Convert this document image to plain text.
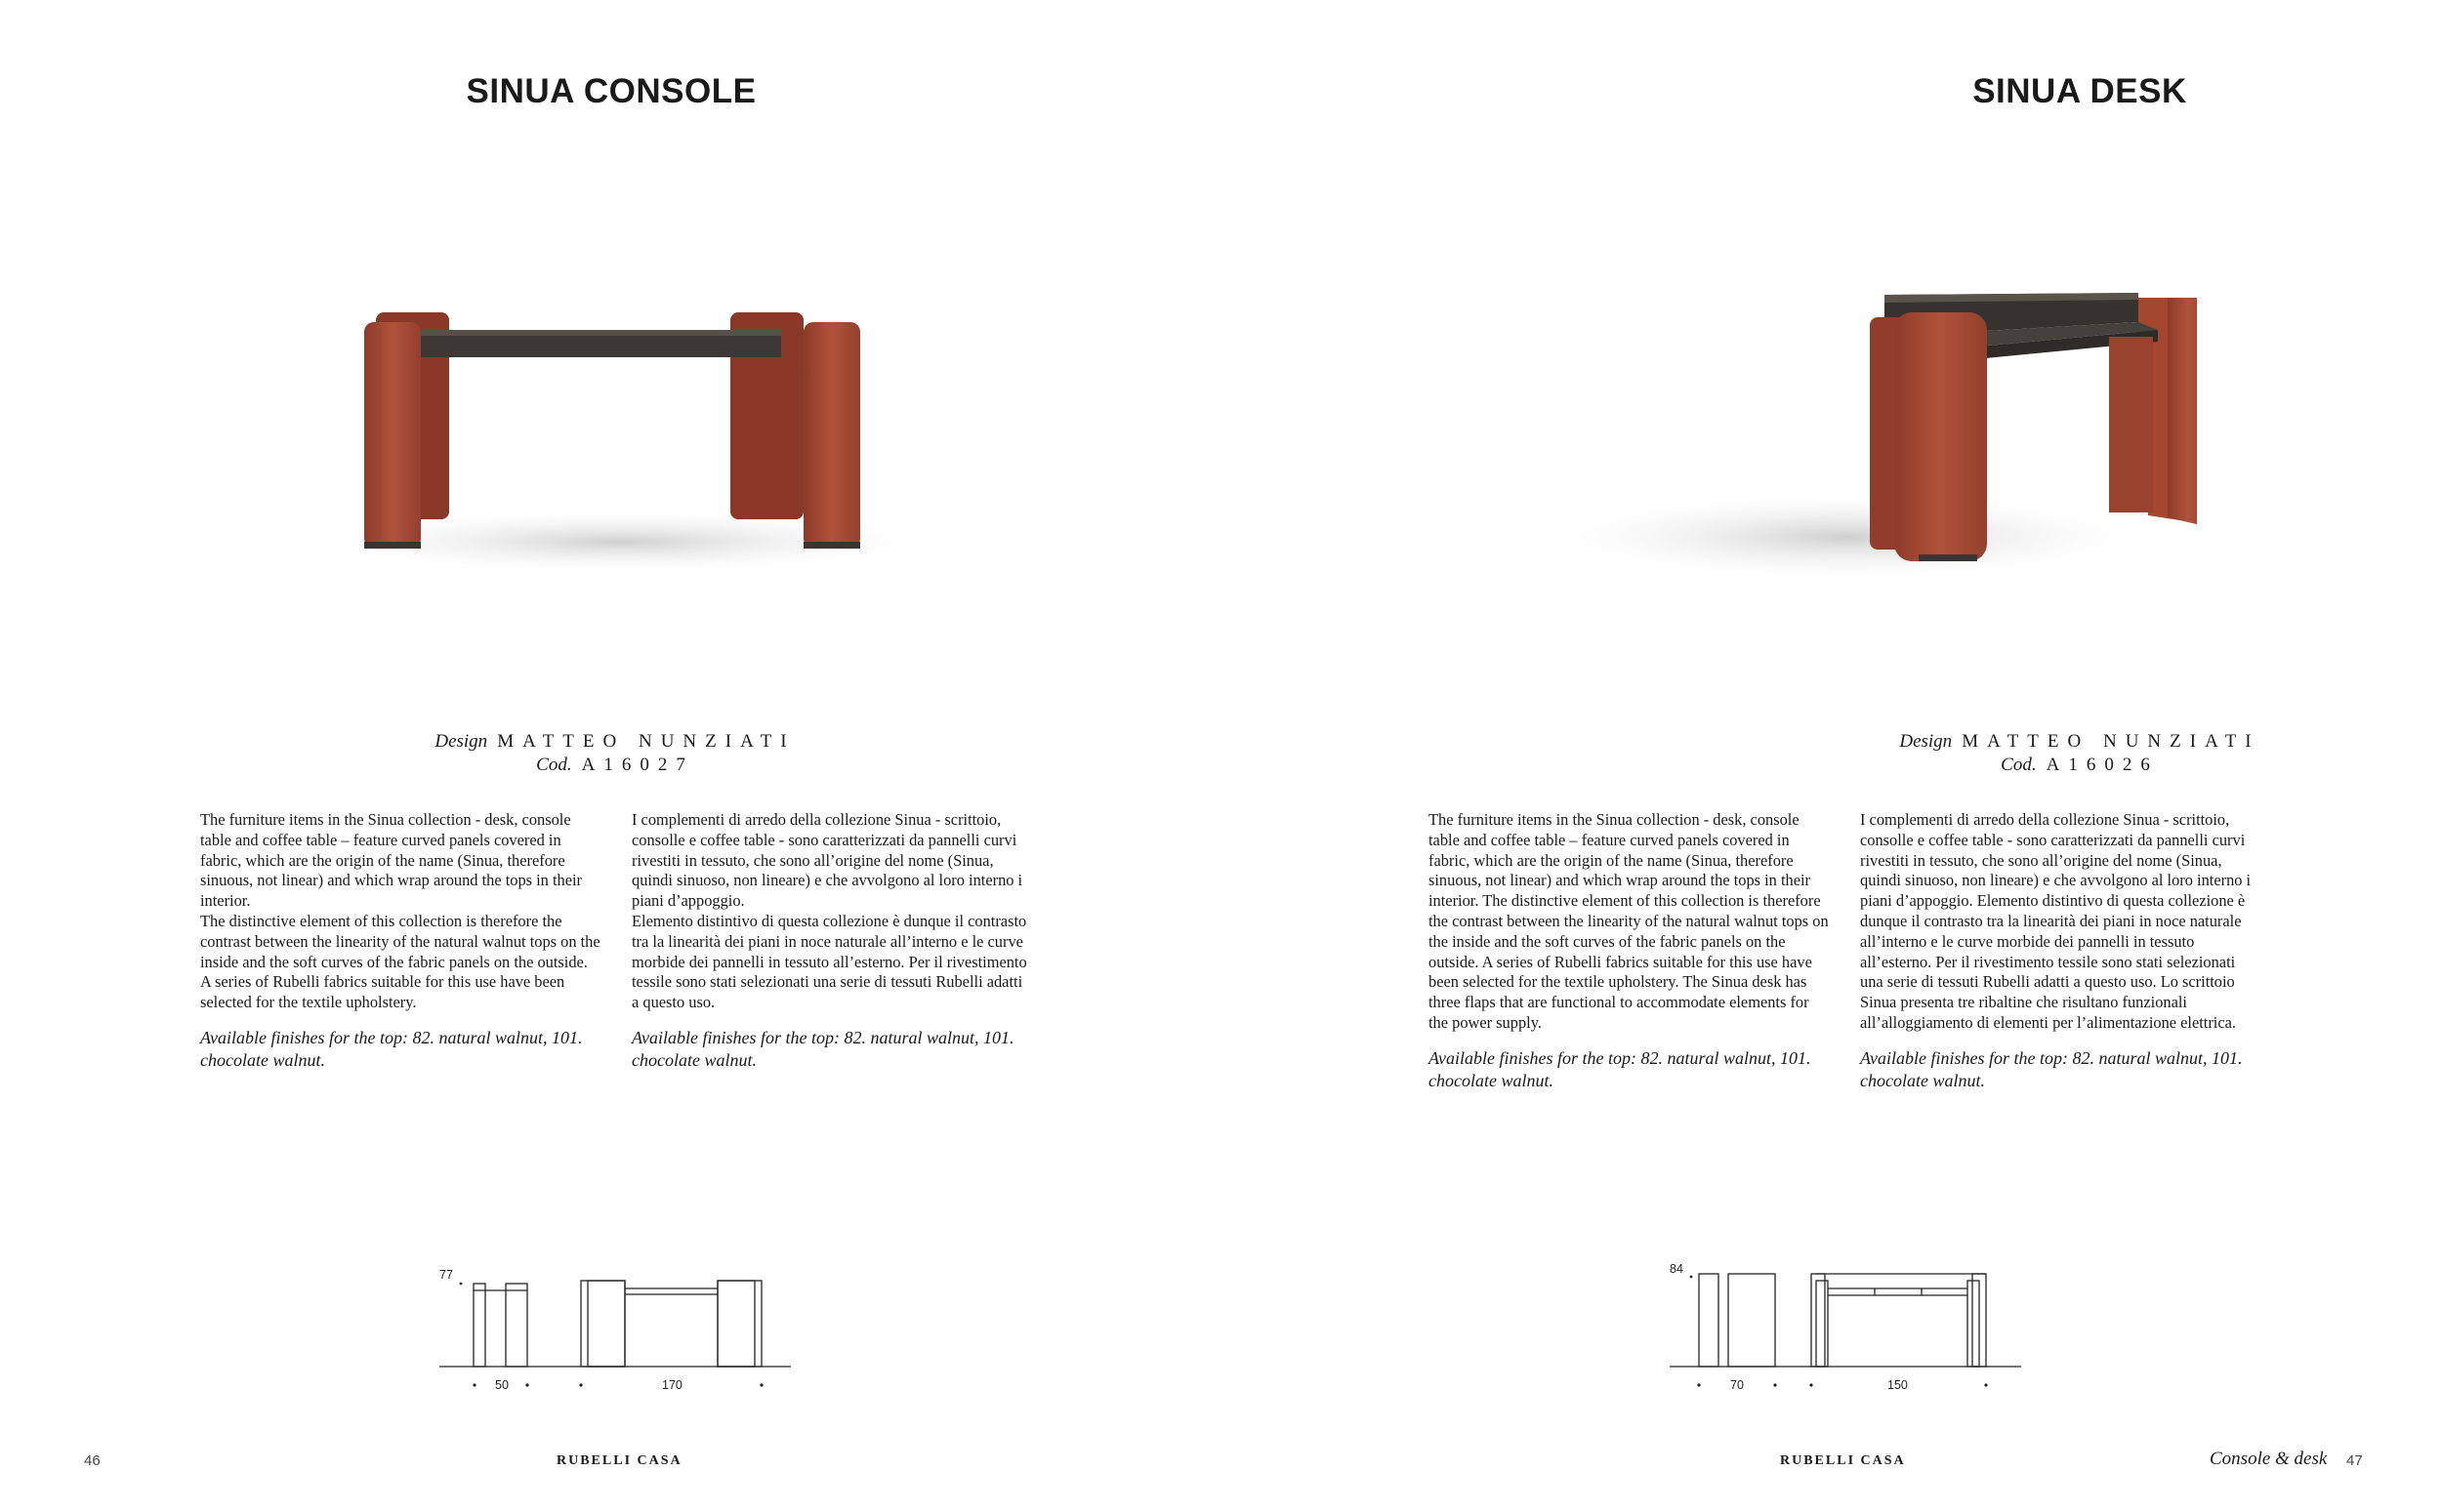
SINUA CONSOLE
Design MATTEO NUNZIATI
Cod. A16027

The furniture items in the Sinua collection - desk, console table and coffee table – feature curved panels covered in fabric, which are the origin of the name (Sinua, therefore sinuous, not linear) and which wrap around the tops in their interior.

The distinctive element of this collection is therefore the contrast between the linearity of the natural walnut tops on the inside and the soft curves of the fabric panels on the outside. A series of Rubelli fabrics suitable for this use have been selected for the textile upholstery.

Available finishes for the top: 82. natural walnut, 101. chocolate walnut.

I complementi di arredo della collezione Sinua - scrittoio, consolle e coffee table - sono caratterizzati da pannelli curvi rivestiti in tessuto, che sono all’origine del nome (Sinua, quindi sinuoso, non lineare) e che avvolgono al loro interno i piani d’appoggio.

Elemento distintivo di questa collezione è dunque il contrasto tra la linearità dei piani in noce naturale all’interno e le curve morbide dei pannelli in tessuto all’esterno. Per il rivestimento tessile sono stati selezionati una serie di tessuti Rubelli adatti a questo uso.

Available finishes for the top: 82. natural walnut, 101. chocolate walnut.

77
50	170
46	RUBELLI CASA
SINUA DESK
Design MATTEO NUNZIATI
Cod. A16026

The furniture items in the Sinua collection - desk, console table and coffee table – feature curved panels covered in fabric, which are the origin of the name (Sinua, therefore sinuous, not linear) and which wrap around the tops in their interior. The distinctive element of this collection is therefore the contrast between the linearity of the natural walnut tops on the inside and the soft curves of the fabric panels on the outside. A series of Rubelli fabrics suitable for this use have been selected for the textile upholstery. The Sinua desk has three flaps that are functional to accommodate elements for the power supply.

Available finishes for the top: 82. natural walnut, 101. chocolate walnut.

I complementi di arredo della collezione Sinua - scrittoio, consolle e coffee table - sono caratterizzati da pannelli curvi rivestiti in tessuto, che sono all’origine del nome (Sinua, quindi sinuoso, non lineare) e che avvolgono al loro interno i piani d’appoggio. Elemento distintivo di questa collezione è dunque il contrasto tra la linearità dei piani in noce naturale all’interno e le curve morbide dei pannelli in tessuto all’esterno. Per il rivestimento tessile sono stati selezionati una serie di tessuti Rubelli adatti a questo uso. Lo scrittoio Sinua presenta tre ribaltine che risultano funzionali all’alloggiamento di elementi per l’alimentazione elettrica.

Available finishes for the top: 82. natural walnut, 101. chocolate walnut.

84
70	150
RUBELLI CASA	Console & desk 47
